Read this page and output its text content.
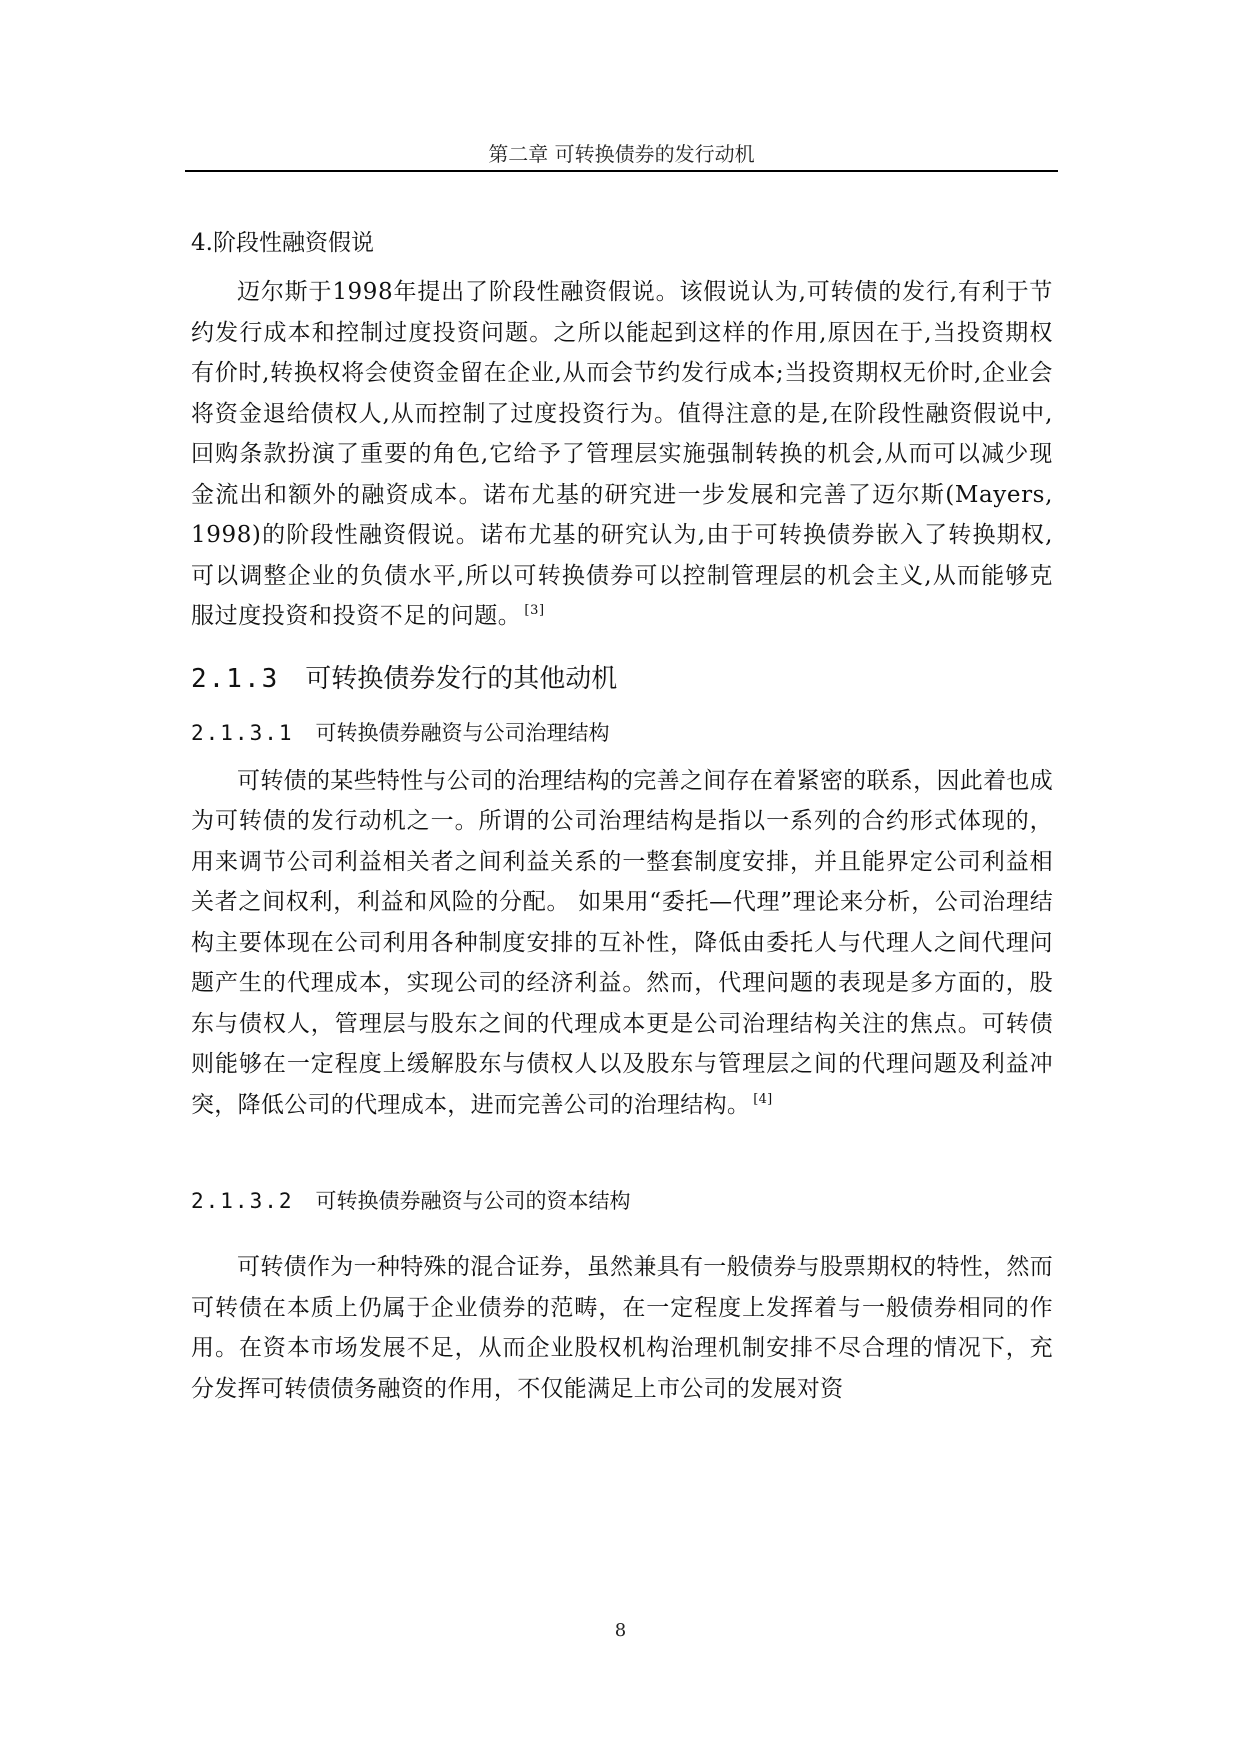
第二章 可转换债券的发行动机

4.阶段性融资假说

迈尔斯于1998年提出了阶段性融资假说。该假说认为,可转债的发行,有利于节约发行成本和控制过度投资问题。之所以能起到这样的作用,原因在于,当投资期权有价时,转换权将会使资金留在企业,从而会节约发行成本;当投资期权无价时,企业会将资金退给债权人,从而控制了过度投资行为。值得注意的是,在阶段性融资假说中,回购条款扮演了重要的角色,它给予了管理层实施强制转换的机会,从而可以减少现金流出和额外的融资成本。诺布尤基的研究进一步发展和完善了迈尔斯(Mayers, 1998)的阶段性融资假说。诺布尤基的研究认为,由于可转换债券嵌入了转换期权,可以调整企业的负债水平,所以可转换债券可以控制管理层的机会主义,从而能够克服过度投资和投资不足的问题。 [3]

2.1.3 可转换债券发行的其他动机
2.1.3.1 可转换债券融资与公司治理结构

可转债的某些特性与公司的治理结构的完善之间存在着紧密的联系，因此着也成为可转债的发行动机之一。所谓的公司治理结构是指以一系列的合约形式体现的，用来调节公司利益相关者之间利益关系的一整套制度安排，并且能界定公司利益相关者之间权利，利益和风险的分配。 如果用“委托—代理”理论来分析，公司治理结构主要体现在公司利用各种制度安排的互补性，降低由委托人与代理人之间代理问题产生的代理成本，实现公司的经济利益。然而，代理问题的表现是多方面的，股东与债权人，管理层与股东之间的代理成本更是公司治理结构关注的焦点。可转债则能够在一定程度上缓解股东与债权人以及股东与管理层之间的代理问题及利益冲突，降低公司的代理成本，进而完善公司的治理结构。 [4]

2.1.3.2 可转换债券融资与公司的资本结构

可转债作为一种特殊的混合证券，虽然兼具有一般债券与股票期权的特性，然而可转债在本质上仍属于企业债券的范畴，在一定程度上发挥着与一般债券相同的作用。在资本市场发展不足，从而企业股权机构治理机制安排不尽合理的情况下，充分发挥可转债债务融资的作用，不仅能满足上市公司的发展对资

8
